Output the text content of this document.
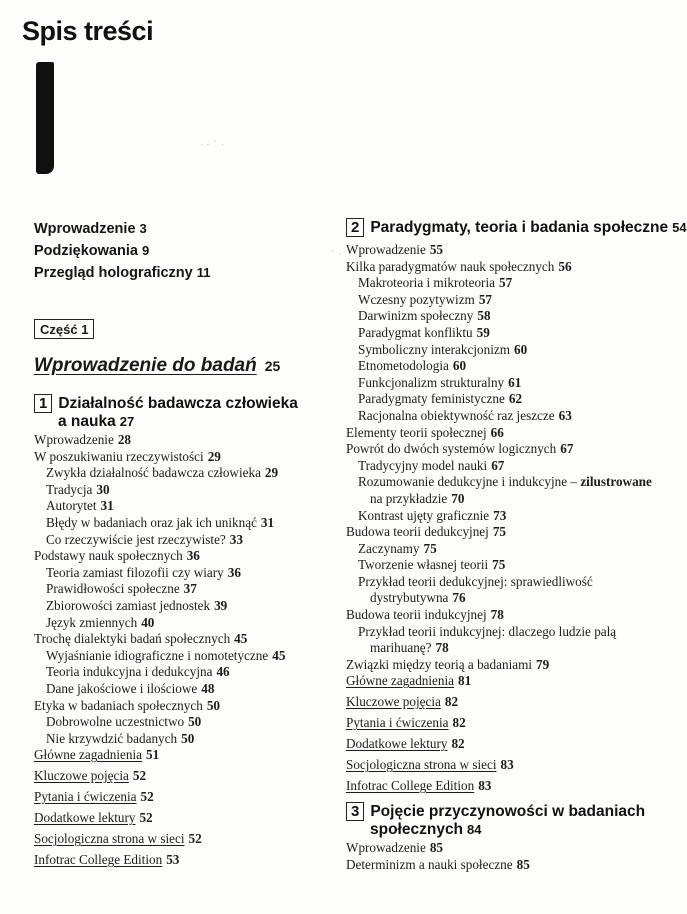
Spis treści
· · ˙ ·
˙ · ˙
Wprowadzenie 3
Podziękowania 9
Przegląd holograficzny 11
Część 1
Wprowadzenie do badań 25
1 Działalność badawcza człowieka
a nauka 27
Wprowadzenie 28
W poszukiwaniu rzeczywistości 29
Zwykła działalność badawcza człowieka 29
Tradycja 30
Autorytet 31
Błędy w badaniach oraz jak ich uniknąć 31
Co rzeczywiście jest rzeczywiste? 33
Podstawy nauk społecznych 36
Teoria zamiast filozofii czy wiary 36
Prawidłowości społeczne 37
Zbiorowości zamiast jednostek 39
Język zmiennych 40
Trochę dialektyki badań społecznych 45
Wyjaśnianie idiograficzne i nomotetyczne 45
Teoria indukcyjna i dedukcyjna 46
Dane jakościowe i ilościowe 48
Etyka w badaniach społecznych 50
Dobrowolne uczestnictwo 50
Nie krzywdzić badanych 50
Główne zagadnienia 51
Kluczowe pojęcia 52
Pytania i ćwiczenia 52
Dodatkowe lektury 52
Socjologiczna strona w sieci 52
Infotrac College Edition 53
2 Paradygmaty, teoria i badania społeczne 54
Wprowadzenie 55
Kilka paradygmatów nauk społecznych 56
Makroteoria i mikroteoria 57
Wczesny pozytywizm 57
Darwinizm społeczny 58
Paradygmat konfliktu 59
Symboliczny interakcjonizm 60
Etnometodologia 60
Funkcjonalizm strukturalny 61
Paradygmaty feministyczne 62
Racjonalna obiektywność raz jeszcze 63
Elementy teorii społecznej 66
Powrót do dwóch systemów logicznych 67
Tradycyjny model nauki 67
Rozumowanie dedukcyjne i indukcyjne – zilustrowane
na przykładzie 70
Kontrast ujęty graficznie 73
Budowa teorii dedukcyjnej 75
Zaczynamy 75
Tworzenie własnej teorii 75
Przykład teorii dedukcyjnej: sprawiedliwość
dystrybutywna 76
Budowa teorii indukcyjnej 78
Przykład teorii indukcyjnej: dlaczego ludzie palą
marihuanę? 78
Związki między teorią a badaniami 79
Główne zagadnienia 81
Kluczowe pojęcia 82
Pytania i ćwiczenia 82
Dodatkowe lektury 82
Socjologiczna strona w sieci 83
Infotrac College Edition 83
3 Pojęcie przyczynowości w badaniach
społecznych 84
Wprowadzenie 85
Determinizm a nauki społeczne 85
